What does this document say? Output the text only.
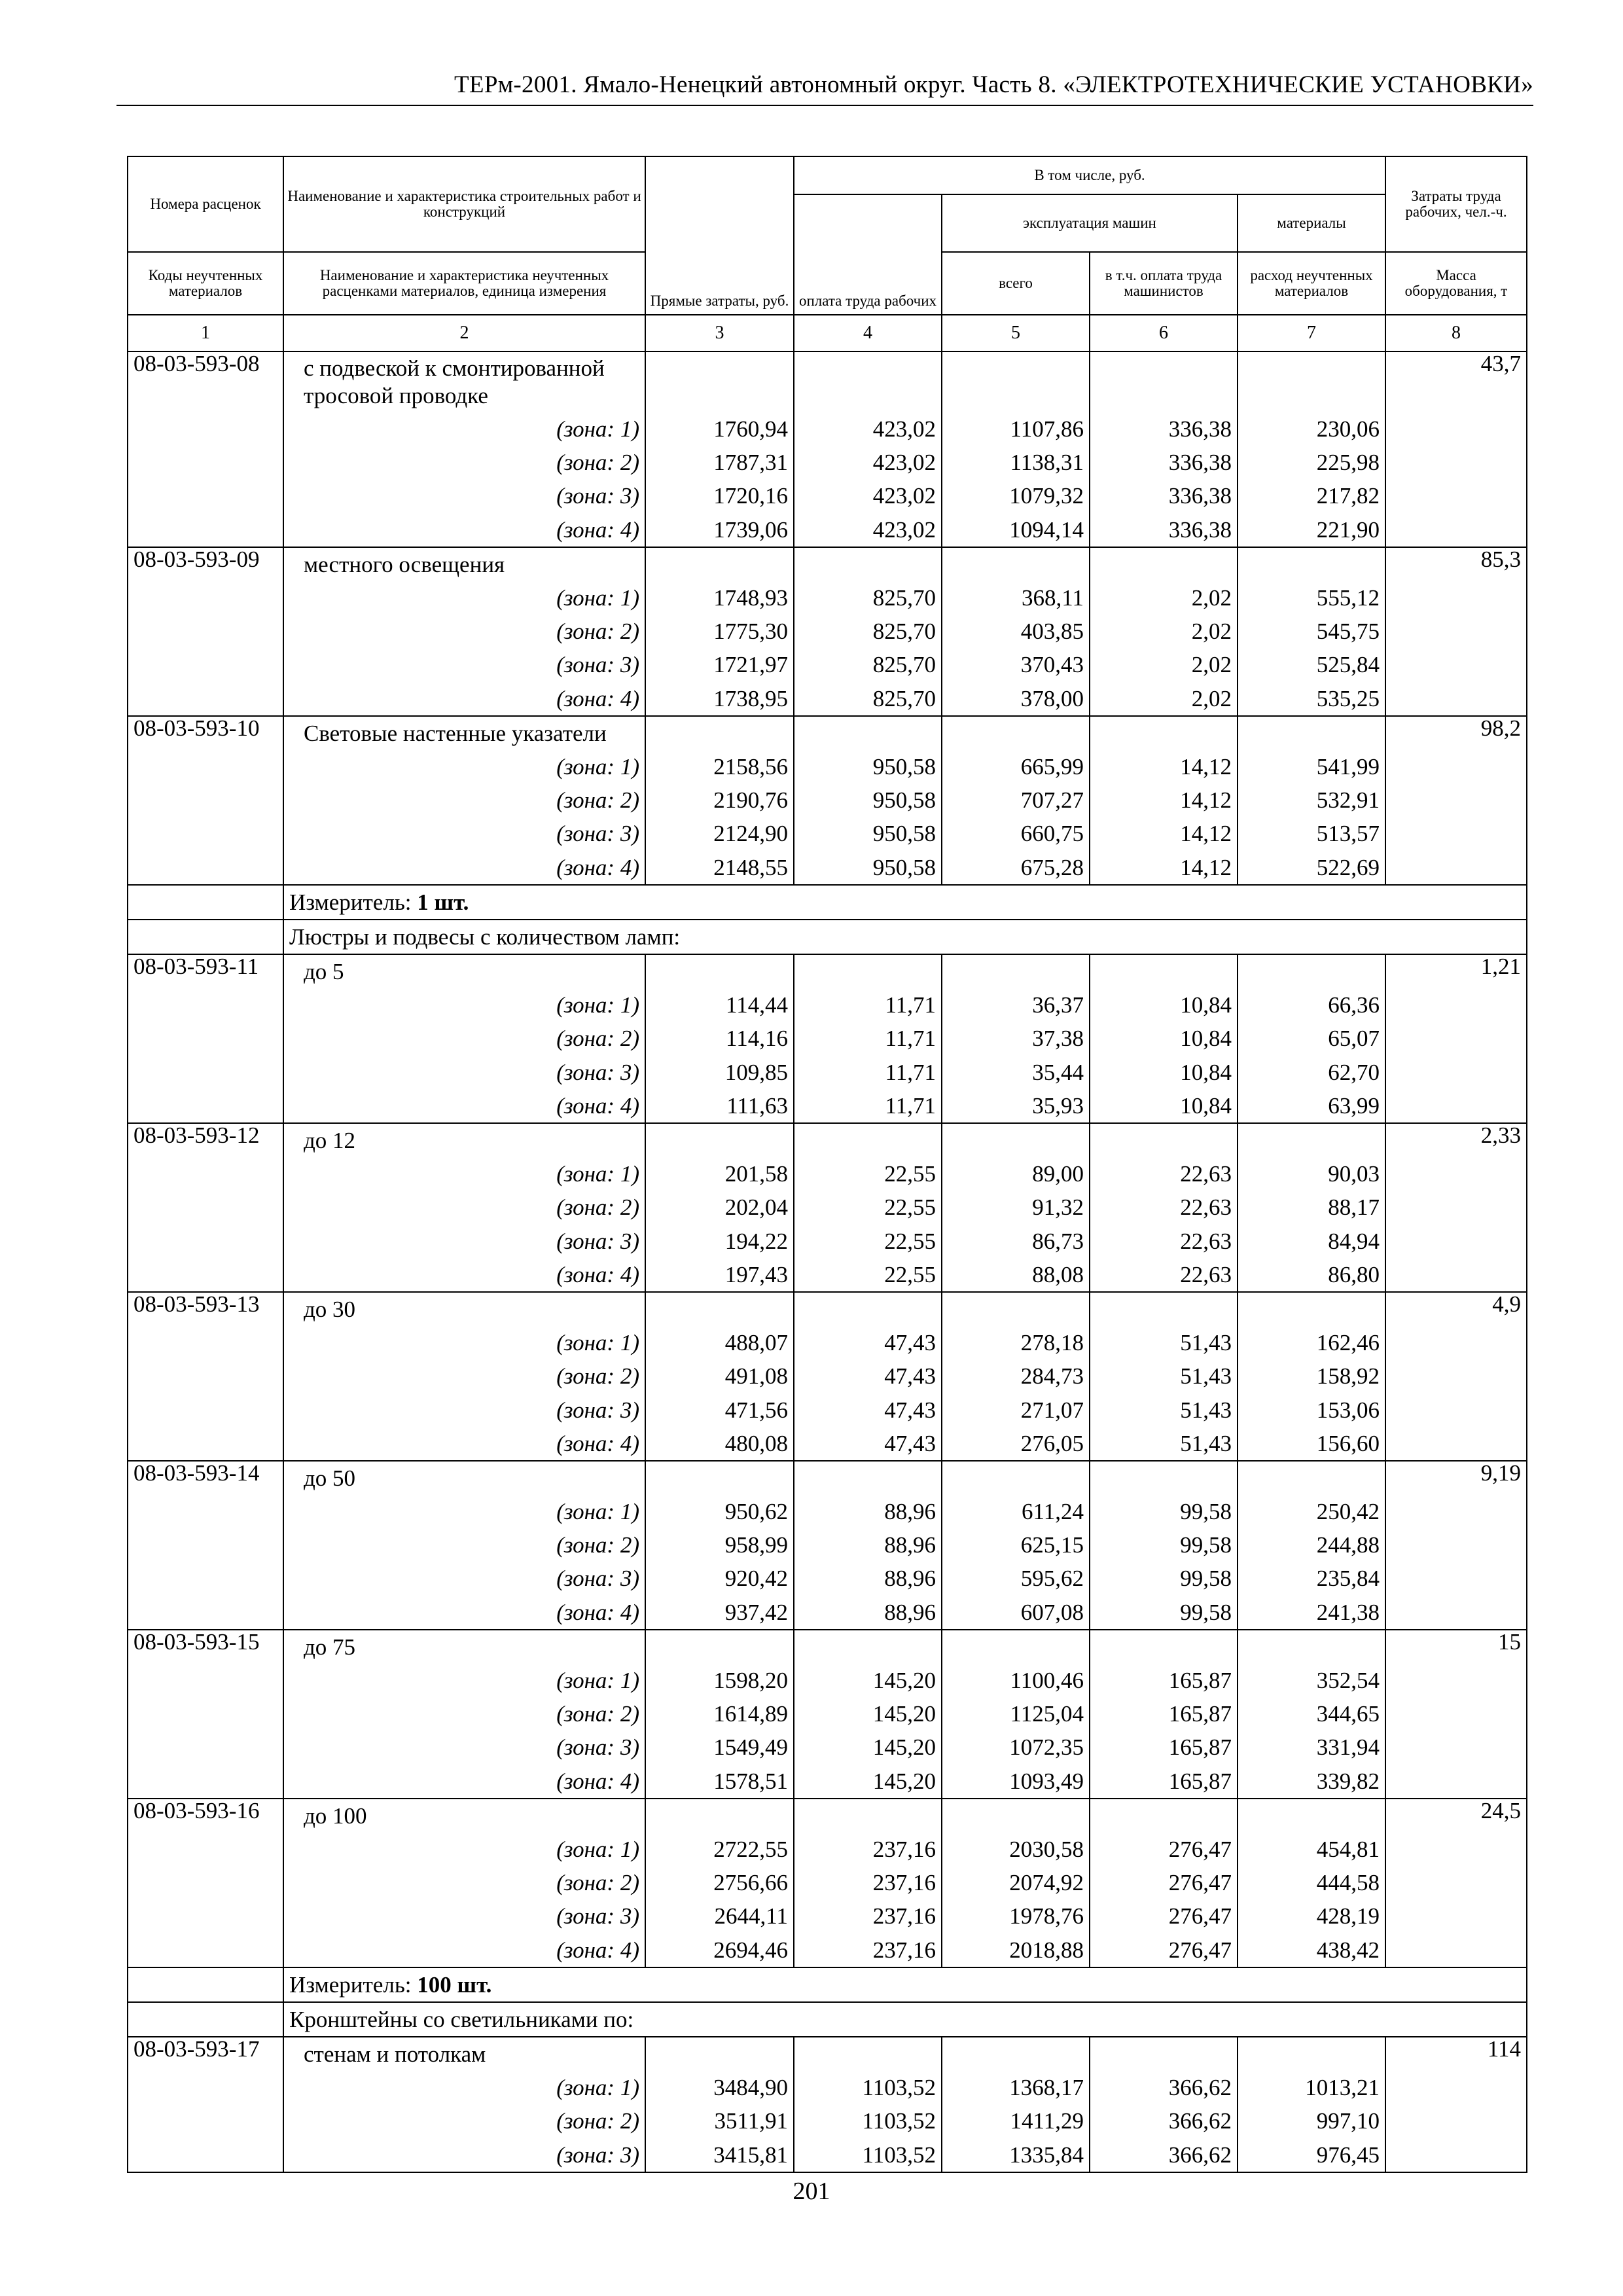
ТЕРм-2001. Ямало-Ненецкий автономный округ. Часть 8. «ЭЛЕКТРОТЕХНИЧЕСКИЕ УСТАНОВКИ»
Номера расценок	Наименование и характеристика строительных работ и конструкций	Прямые затраты, руб.	В том числе, руб.				Затраты труда рабочих, чел.-ч.
			оплата труда рабочих	эксплуатация машин		материалы	
Коды неучтенных материалов	Наименование и характеристика неучтенных расценками материалов, единица измерения			всего	в т.ч. оплата труда машинистов	расход неучтенных материалов	Масса оборудования, т
1	2	3	4	5	6	7	8
08-03-593-08	с подвеской к смонтированной тросовой проводке						43,7
	(зона: 1)	1760,94	423,02	1107,86	336,38	230,06	
	(зона: 2)	1787,31	423,02	1138,31	336,38	225,98	
	(зона: 3)	1720,16	423,02	1079,32	336,38	217,82	
	(зона: 4)	1739,06	423,02	1094,14	336,38	221,90	
08-03-593-09	местного освещения						85,3
	(зона: 1)	1748,93	825,70	368,11	2,02	555,12	
	(зона: 2)	1775,30	825,70	403,85	2,02	545,75	
	(зона: 3)	1721,97	825,70	370,43	2,02	525,84	
	(зона: 4)	1738,95	825,70	378,00	2,02	535,25	
08-03-593-10	Световые настенные указатели						98,2
	(зона: 1)	2158,56	950,58	665,99	14,12	541,99	
	(зона: 2)	2190,76	950,58	707,27	14,12	532,91	
	(зона: 3)	2124,90	950,58	660,75	14,12	513,57	
	(зона: 4)	2148,55	950,58	675,28	14,12	522,69	
	Измеритель: 1 шт.						
	Люстры и подвесы с количеством ламп:						
08-03-593-11	до 5						1,21
	(зона: 1)	114,44	11,71	36,37	10,84	66,36	
	(зона: 2)	114,16	11,71	37,38	10,84	65,07	
	(зона: 3)	109,85	11,71	35,44	10,84	62,70	
	(зона: 4)	111,63	11,71	35,93	10,84	63,99	
08-03-593-12	до 12						2,33
	(зона: 1)	201,58	22,55	89,00	22,63	90,03	
	(зона: 2)	202,04	22,55	91,32	22,63	88,17	
	(зона: 3)	194,22	22,55	86,73	22,63	84,94	
	(зона: 4)	197,43	22,55	88,08	22,63	86,80	
08-03-593-13	до 30						4,9
	(зона: 1)	488,07	47,43	278,18	51,43	162,46	
	(зона: 2)	491,08	47,43	284,73	51,43	158,92	
	(зона: 3)	471,56	47,43	271,07	51,43	153,06	
	(зона: 4)	480,08	47,43	276,05	51,43	156,60	
08-03-593-14	до 50						9,19
	(зона: 1)	950,62	88,96	611,24	99,58	250,42	
	(зона: 2)	958,99	88,96	625,15	99,58	244,88	
	(зона: 3)	920,42	88,96	595,62	99,58	235,84	
	(зона: 4)	937,42	88,96	607,08	99,58	241,38	
08-03-593-15	до 75						15
	(зона: 1)	1598,20	145,20	1100,46	165,87	352,54	
	(зона: 2)	1614,89	145,20	1125,04	165,87	344,65	
	(зона: 3)	1549,49	145,20	1072,35	165,87	331,94	
	(зона: 4)	1578,51	145,20	1093,49	165,87	339,82	
08-03-593-16	до 100						24,5
	(зона: 1)	2722,55	237,16	2030,58	276,47	454,81	
	(зона: 2)	2756,66	237,16	2074,92	276,47	444,58	
	(зона: 3)	2644,11	237,16	1978,76	276,47	428,19	
	(зона: 4)	2694,46	237,16	2018,88	276,47	438,42	
	Измеритель: 100 шт.						
	Кронштейны со светильниками по:						
08-03-593-17	стенам и потолкам						114
	(зона: 1)	3484,90	1103,52	1368,17	366,62	1013,21	
	(зона: 2)	3511,91	1103,52	1411,29	366,62	997,10	
	(зона: 3)	3415,81	1103,52	1335,84	366,62	976,45	
201
